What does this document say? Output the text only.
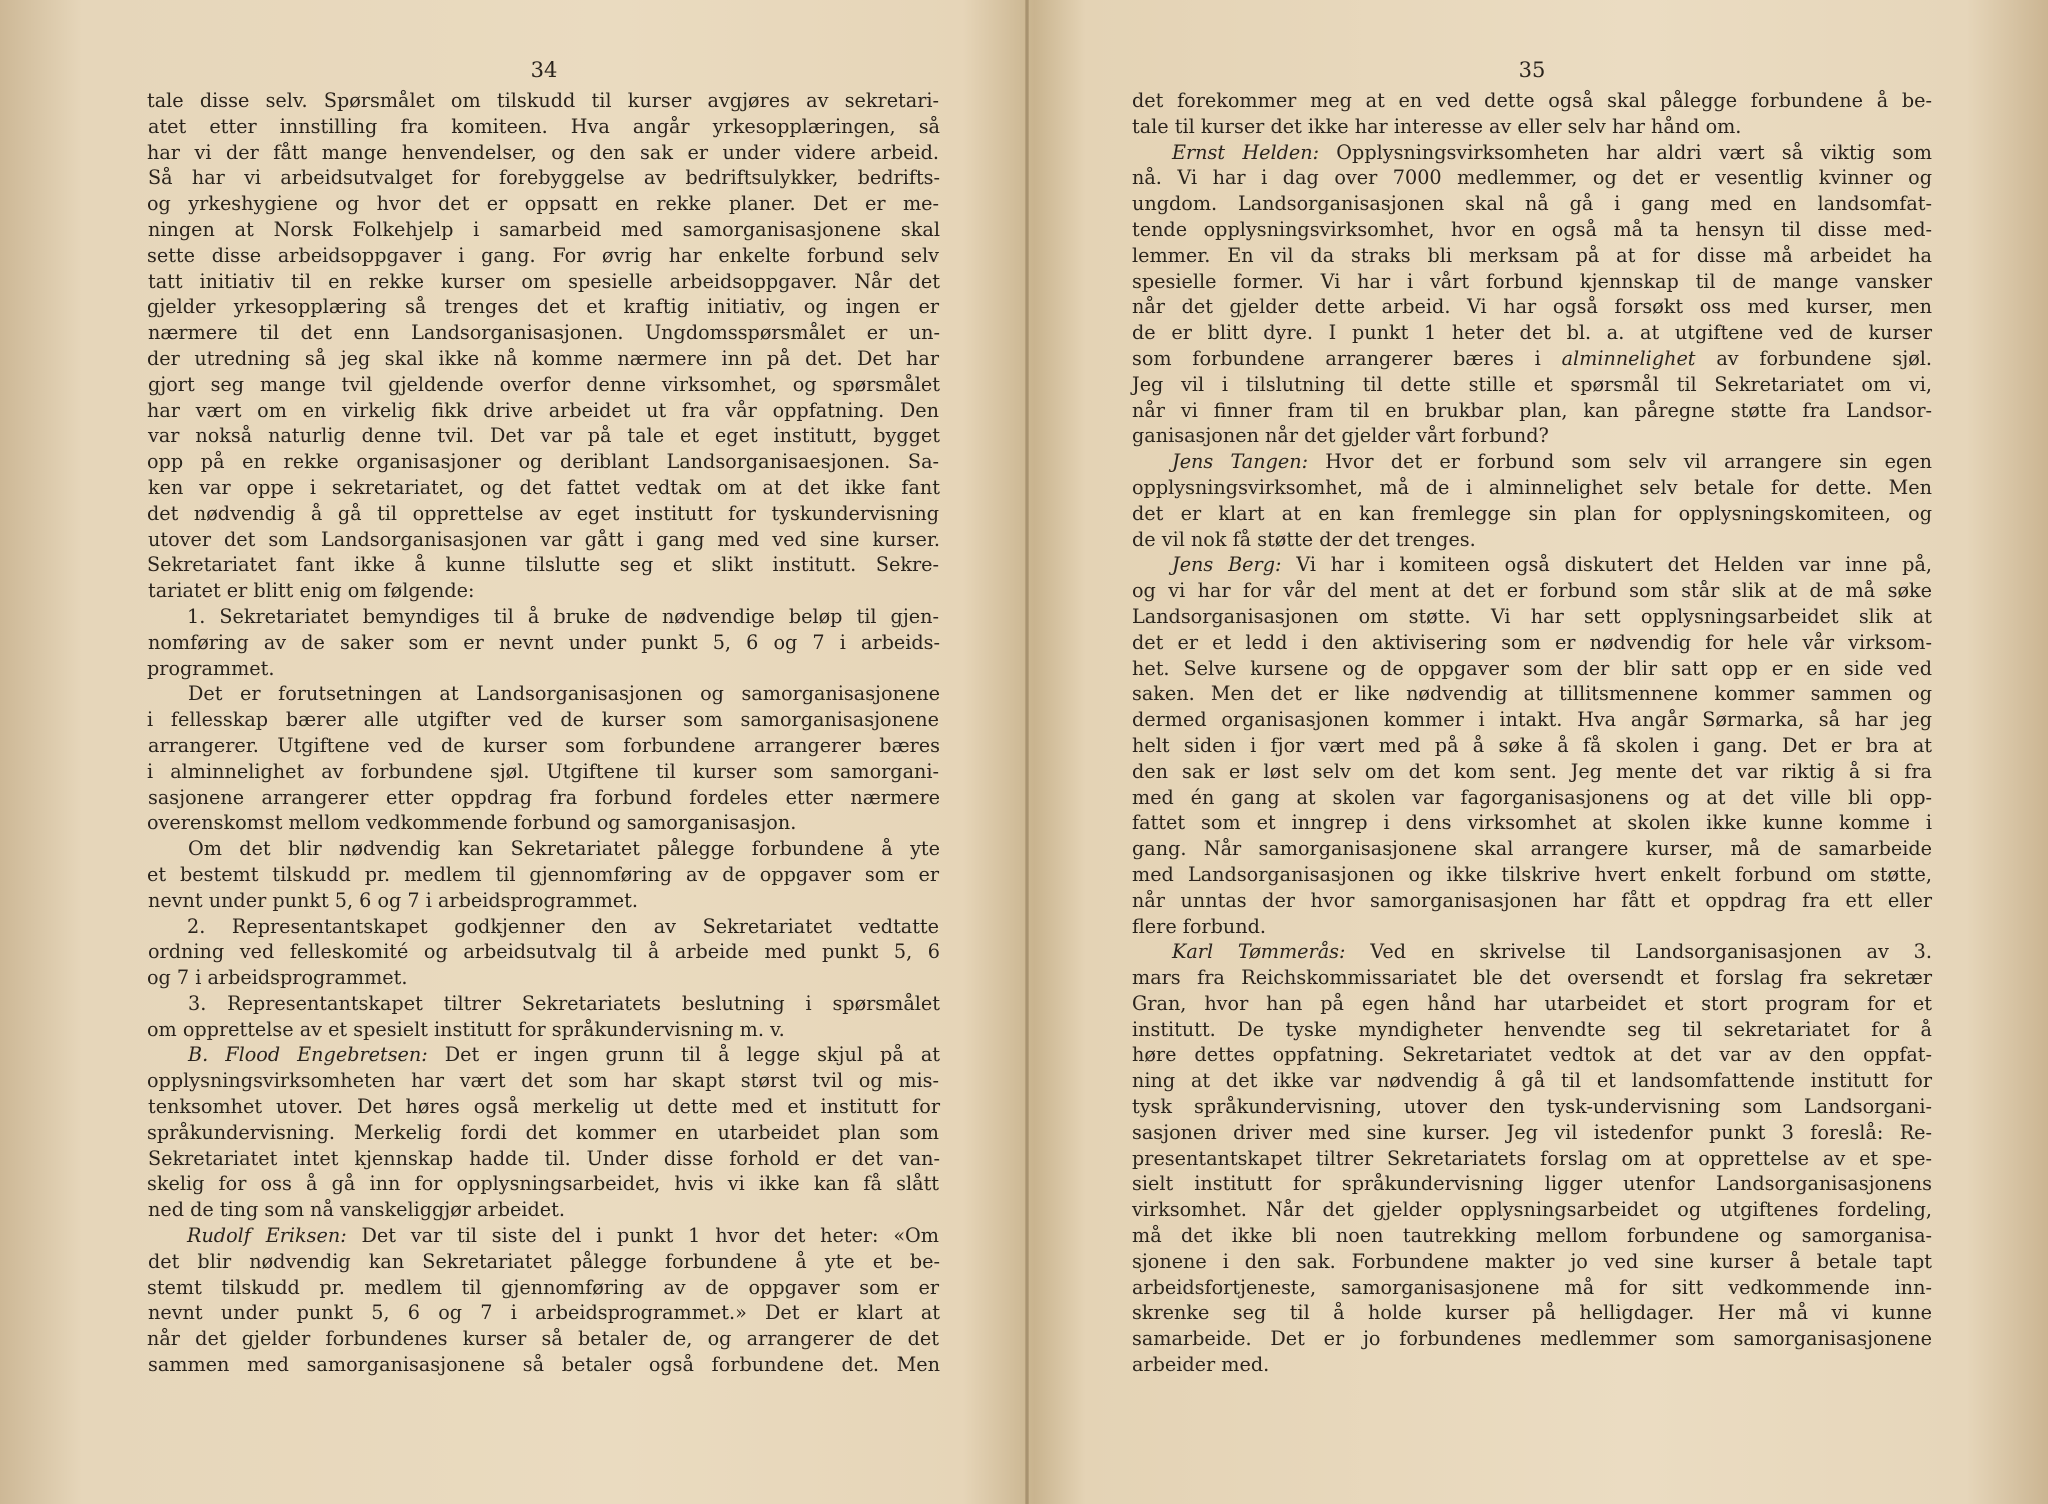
34
tale disse selv. Spørsmålet om tilskudd til kurser avgjøres av sekretari-
atet etter innstilling fra komiteen. Hva angår yrkesopplæringen, så
har vi der fått mange henvendelser, og den sak er under videre arbeid.
Så har vi arbeidsutvalget for forebyggelse av bedriftsulykker, bedrifts-
og yrkeshygiene og hvor det er oppsatt en rekke planer. Det er me-
ningen at Norsk Folkehjelp i samarbeid med samorganisasjonene skal
sette disse arbeidsoppgaver i gang. For øvrig har enkelte forbund selv
tatt initiativ til en rekke kurser om spesielle arbeidsoppgaver. Når det
gjelder yrkesopplæring så trenges det et kraftig initiativ, og ingen er
nærmere til det enn Landsorganisasjonen. Ungdomsspørsmålet er un-
der utredning så jeg skal ikke nå komme nærmere inn på det. Det har
gjort seg mange tvil gjeldende overfor denne virksomhet, og spørsmålet
har vært om en virkelig fikk drive arbeidet ut fra vår oppfatning. Den
var nokså naturlig denne tvil. Det var på tale et eget institutt, bygget
opp på en rekke organisasjoner og deriblant Landsorganisaesjonen. Sa-
ken var oppe i sekretariatet, og det fattet vedtak om at det ikke fant
det nødvendig å gå til opprettelse av eget institutt for tyskundervisning
utover det som Landsorganisasjonen var gått i gang med ved sine kurser.
Sekretariatet fant ikke å kunne tilslutte seg et slikt institutt. Sekre-
tariatet er blitt enig om følgende:
1. Sekretariatet bemyndiges til å bruke de nødvendige beløp til gjen-
nomføring av de saker som er nevnt under punkt 5, 6 og 7 i arbeids-
programmet.
Det er forutsetningen at Landsorganisasjonen og samorganisasjonene
i fellesskap bærer alle utgifter ved de kurser som samorganisasjonene
arrangerer. Utgiftene ved de kurser som forbundene arrangerer bæres
i alminnelighet av forbundene sjøl. Utgiftene til kurser som samorgani-
sasjonene arrangerer etter oppdrag fra forbund fordeles etter nærmere
overenskomst mellom vedkommende forbund og samorganisasjon.
Om det blir nødvendig kan Sekretariatet pålegge forbundene å yte
et bestemt tilskudd pr. medlem til gjennomføring av de oppgaver som er
nevnt under punkt 5, 6 og 7 i arbeidsprogrammet.
2. Representantskapet godkjenner den av Sekretariatet vedtatte
ordning ved felleskomité og arbeidsutvalg til å arbeide med punkt 5, 6
og 7 i arbeidsprogrammet.
3. Representantskapet tiltrer Sekretariatets beslutning i spørsmålet
om opprettelse av et spesielt institutt for språkundervisning m. v.
B. Flood Engebretsen: Det er ingen grunn til å legge skjul på at
opplysningsvirksomheten har vært det som har skapt størst tvil og mis-
tenksomhet utover. Det høres også merkelig ut dette med et institutt for
språkundervisning. Merkelig fordi det kommer en utarbeidet plan som
Sekretariatet intet kjennskap hadde til. Under disse forhold er det van-
skelig for oss å gå inn for opplysningsarbeidet, hvis vi ikke kan få slått
ned de ting som nå vanskeliggjør arbeidet.
Rudolf Eriksen: Det var til siste del i punkt 1 hvor det heter: «Om
det blir nødvendig kan Sekretariatet pålegge forbundene å yte et be-
stemt tilskudd pr. medlem til gjennomføring av de oppgaver som er
nevnt under punkt 5, 6 og 7 i arbeidsprogrammet.» Det er klart at
når det gjelder forbundenes kurser så betaler de, og arrangerer de det
sammen med samorganisasjonene så betaler også forbundene det. Men
35
det forekommer meg at en ved dette også skal pålegge forbundene å be-
tale til kurser det ikke har interesse av eller selv har hånd om.
Ernst Helden: Opplysningsvirksomheten har aldri vært så viktig som
nå. Vi har i dag over 7000 medlemmer, og det er vesentlig kvinner og
ungdom. Landsorganisasjonen skal nå gå i gang med en landsomfat-
tende opplysningsvirksomhet, hvor en også må ta hensyn til disse med-
lemmer. En vil da straks bli merksam på at for disse må arbeidet ha
spesielle former. Vi har i vårt forbund kjennskap til de mange vansker
når det gjelder dette arbeid. Vi har også forsøkt oss med kurser, men
de er blitt dyre. I punkt 1 heter det bl. a. at utgiftene ved de kurser
som forbundene arrangerer bæres i alminnelighet av forbundene sjøl.
Jeg vil i tilslutning til dette stille et spørsmål til Sekretariatet om vi,
når vi finner fram til en brukbar plan, kan påregne støtte fra Landsor-
ganisasjonen når det gjelder vårt forbund?
Jens Tangen: Hvor det er forbund som selv vil arrangere sin egen
opplysningsvirksomhet, må de i alminnelighet selv betale for dette. Men
det er klart at en kan fremlegge sin plan for opplysningskomiteen, og
de vil nok få støtte der det trenges.
Jens Berg: Vi har i komiteen også diskutert det Helden var inne på,
og vi har for vår del ment at det er forbund som står slik at de må søke
Landsorganisasjonen om støtte. Vi har sett opplysningsarbeidet slik at
det er et ledd i den aktivisering som er nødvendig for hele vår virksom-
het. Selve kursene og de oppgaver som der blir satt opp er en side ved
saken. Men det er like nødvendig at tillitsmennene kommer sammen og
dermed organisasjonen kommer i intakt. Hva angår Sørmarka, så har jeg
helt siden i fjor vært med på å søke å få skolen i gang. Det er bra at
den sak er løst selv om det kom sent. Jeg mente det var riktig å si fra
med én gang at skolen var fagorganisasjonens og at det ville bli opp-
fattet som et inngrep i dens virksomhet at skolen ikke kunne komme i
gang. Når samorganisasjonene skal arrangere kurser, må de samarbeide
med Landsorganisasjonen og ikke tilskrive hvert enkelt forbund om støtte,
når unntas der hvor samorganisasjonen har fått et oppdrag fra ett eller
flere forbund.
Karl Tømmerås: Ved en skrivelse til Landsorganisasjonen av 3.
mars fra Reichskommissariatet ble det oversendt et forslag fra sekretær
Gran, hvor han på egen hånd har utarbeidet et stort program for et
institutt. De tyske myndigheter henvendte seg til sekretariatet for å
høre dettes oppfatning. Sekretariatet vedtok at det var av den oppfat-
ning at det ikke var nødvendig å gå til et landsomfattende institutt for
tysk språkundervisning, utover den tysk-undervisning som Landsorgani-
sasjonen driver med sine kurser. Jeg vil istedenfor punkt 3 foreslå: Re-
presentantskapet tiltrer Sekretariatets forslag om at opprettelse av et spe-
sielt institutt for språkundervisning ligger utenfor Landsorganisasjonens
virksomhet. Når det gjelder opplysningsarbeidet og utgiftenes fordeling,
må det ikke bli noen tautrekking mellom forbundene og samorganisa-
sjonene i den sak. Forbundene makter jo ved sine kurser å betale tapt
arbeidsfortjeneste, samorganisasjonene må for sitt vedkommende inn-
skrenke seg til å holde kurser på helligdager. Her må vi kunne
samarbeide. Det er jo forbundenes medlemmer som samorganisasjonene
arbeider med.
